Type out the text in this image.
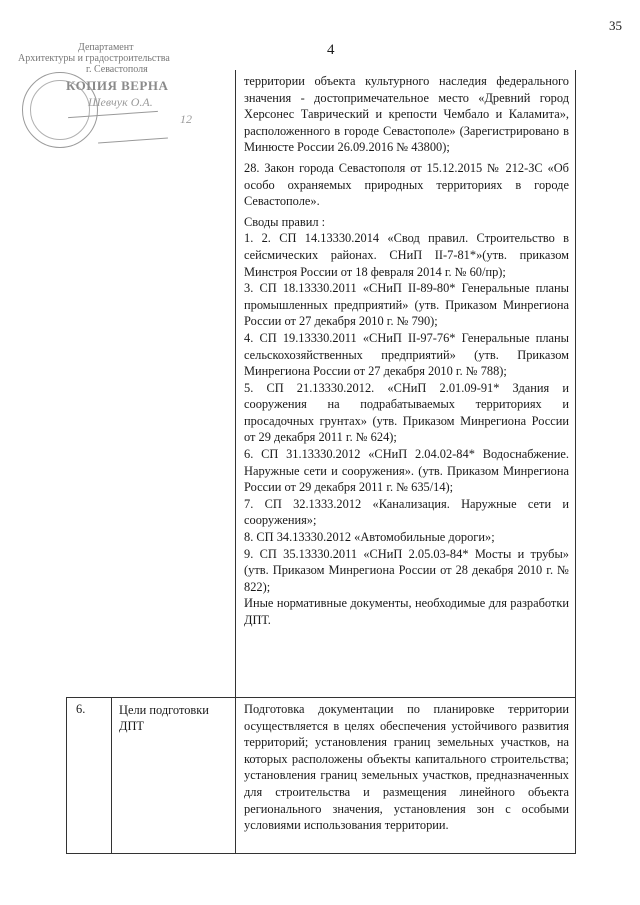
35
4
Департамент
Архитектуры и градостроительства
г. Севастополя
КОПИЯ ВЕРНА
Шевчук О.А.
12

территории объекта культурного наследия федерального значения - достопримечательное место «Древний город Херсонес Таврический и крепости Чембало и Каламита», расположенного в городе Севастополе» (Зарегистрировано в Минюсте России 26.09.2016 № 43800);

28. Закон города Севастополя от 15.12.2015 № 212-ЗС «Об особо охраняемых природных территориях в городе Севастополе».

Своды правил :

1. 2. СП 14.13330.2014 «Свод правил. Строительство в сейсмических районах. СНиП II-7-81*»(утв. приказом Минстроя России от 18 февраля 2014 г. № 60/пр);

3. СП 18.13330.2011 «СНиП II-89-80* Генеральные планы промышленных предприятий» (утв. Приказом Минрегиона России от 27 декабря 2010 г. № 790);

4. СП 19.13330.2011 «СНиП II-97-76* Генеральные планы сельскохозяйственных предприятий» (утв. Приказом Минрегиона России от 27 декабря 2010 г. № 788);

5. СП 21.13330.2012. «СНиП 2.01.09-91* Здания и сооружения на подрабатываемых территориях и просадочных грунтах» (утв. Приказом Минрегиона России от 29 декабря 2011 г. № 624);

6. СП 31.13330.2012 «СНиП 2.04.02-84* Водоснабжение. Наружные сети и сооружения». (утв. Приказом Минрегиона России от 29 декабря 2011 г. № 635/14);

7. СП 32.1333.2012 «Канализация. Наружные сети и сооружения»;

8. СП 34.13330.2012 «Автомобильные дороги»;

9. СП 35.13330.2011 «СНиП 2.05.03-84* Мосты и трубы» (утв. Приказом Минрегиона России от 28 декабря 2010 г. № 822);

Иные нормативные документы, необходимые для разработки ДПТ.

6.	Цели подготовки ДПТ

Подготовка документации по планировке территории осуществляется в целях обеспечения устойчивого развития территорий; установления границ земельных участков, на которых расположены объекты капитального строительства; установления границ земельных участков, предназначенных для строительства и размещения линейного объекта регионального значения, установления зон с особыми условиями использования территории.
